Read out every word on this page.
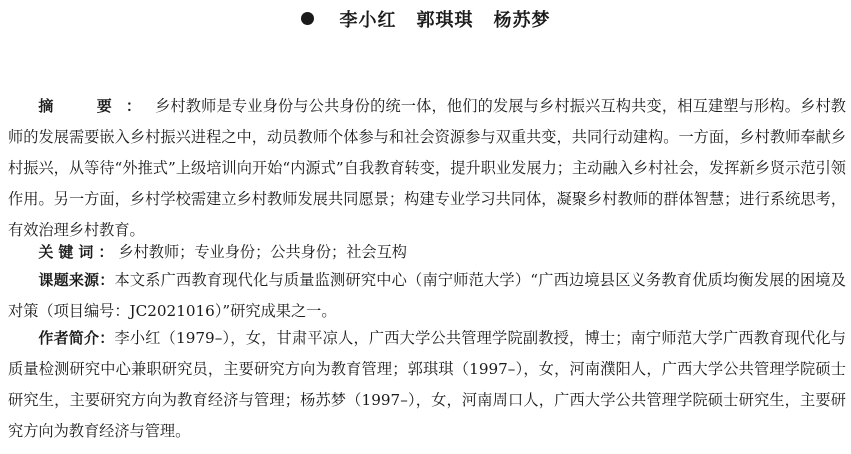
李小红 郭琪琪 杨苏梦
摘　要：乡村教师是专业身份与公共身份的统一体，他们的发展与乡村振兴互构共变，相互建塑与形构。乡村教师的发展需要嵌入乡村振兴进程之中，动员教师个体参与和社会资源参与双重共变，共同行动建构。一方面，乡村教师奉献乡村振兴，从等待“外推式”上级培训向开始“内源式”自我教育转变，提升职业发展力；主动融入乡村社会，发挥新乡贤示范引领作用。另一方面，乡村学校需建立乡村教师发展共同愿景；构建专业学习共同体，凝聚乡村教师的群体智慧；进行系统思考，有效治理乡村教育。
关键词：乡村教师；专业身份；公共身份；社会互构
课题来源：本文系广西教育现代化与质量监测研究中心（南宁师范大学）“广西边境县区义务教育优质均衡发展的困境及对策（项目编号：JC2021016）”研究成果之一。
作者简介：李小红（1979–），女，甘肃平凉人，广西大学公共管理学院副教授，博士；南宁师范大学广西教育现代化与质量检测研究中心兼职研究员，主要研究方向为教育管理；郭琪琪（1997–），女，河南濮阳人，广西大学公共管理学院硕士研究生，主要研究方向为教育经济与管理；杨苏梦（1997–），女，河南周口人，广西大学公共管理学院硕士研究生，主要研究方向为教育经济与管理。
